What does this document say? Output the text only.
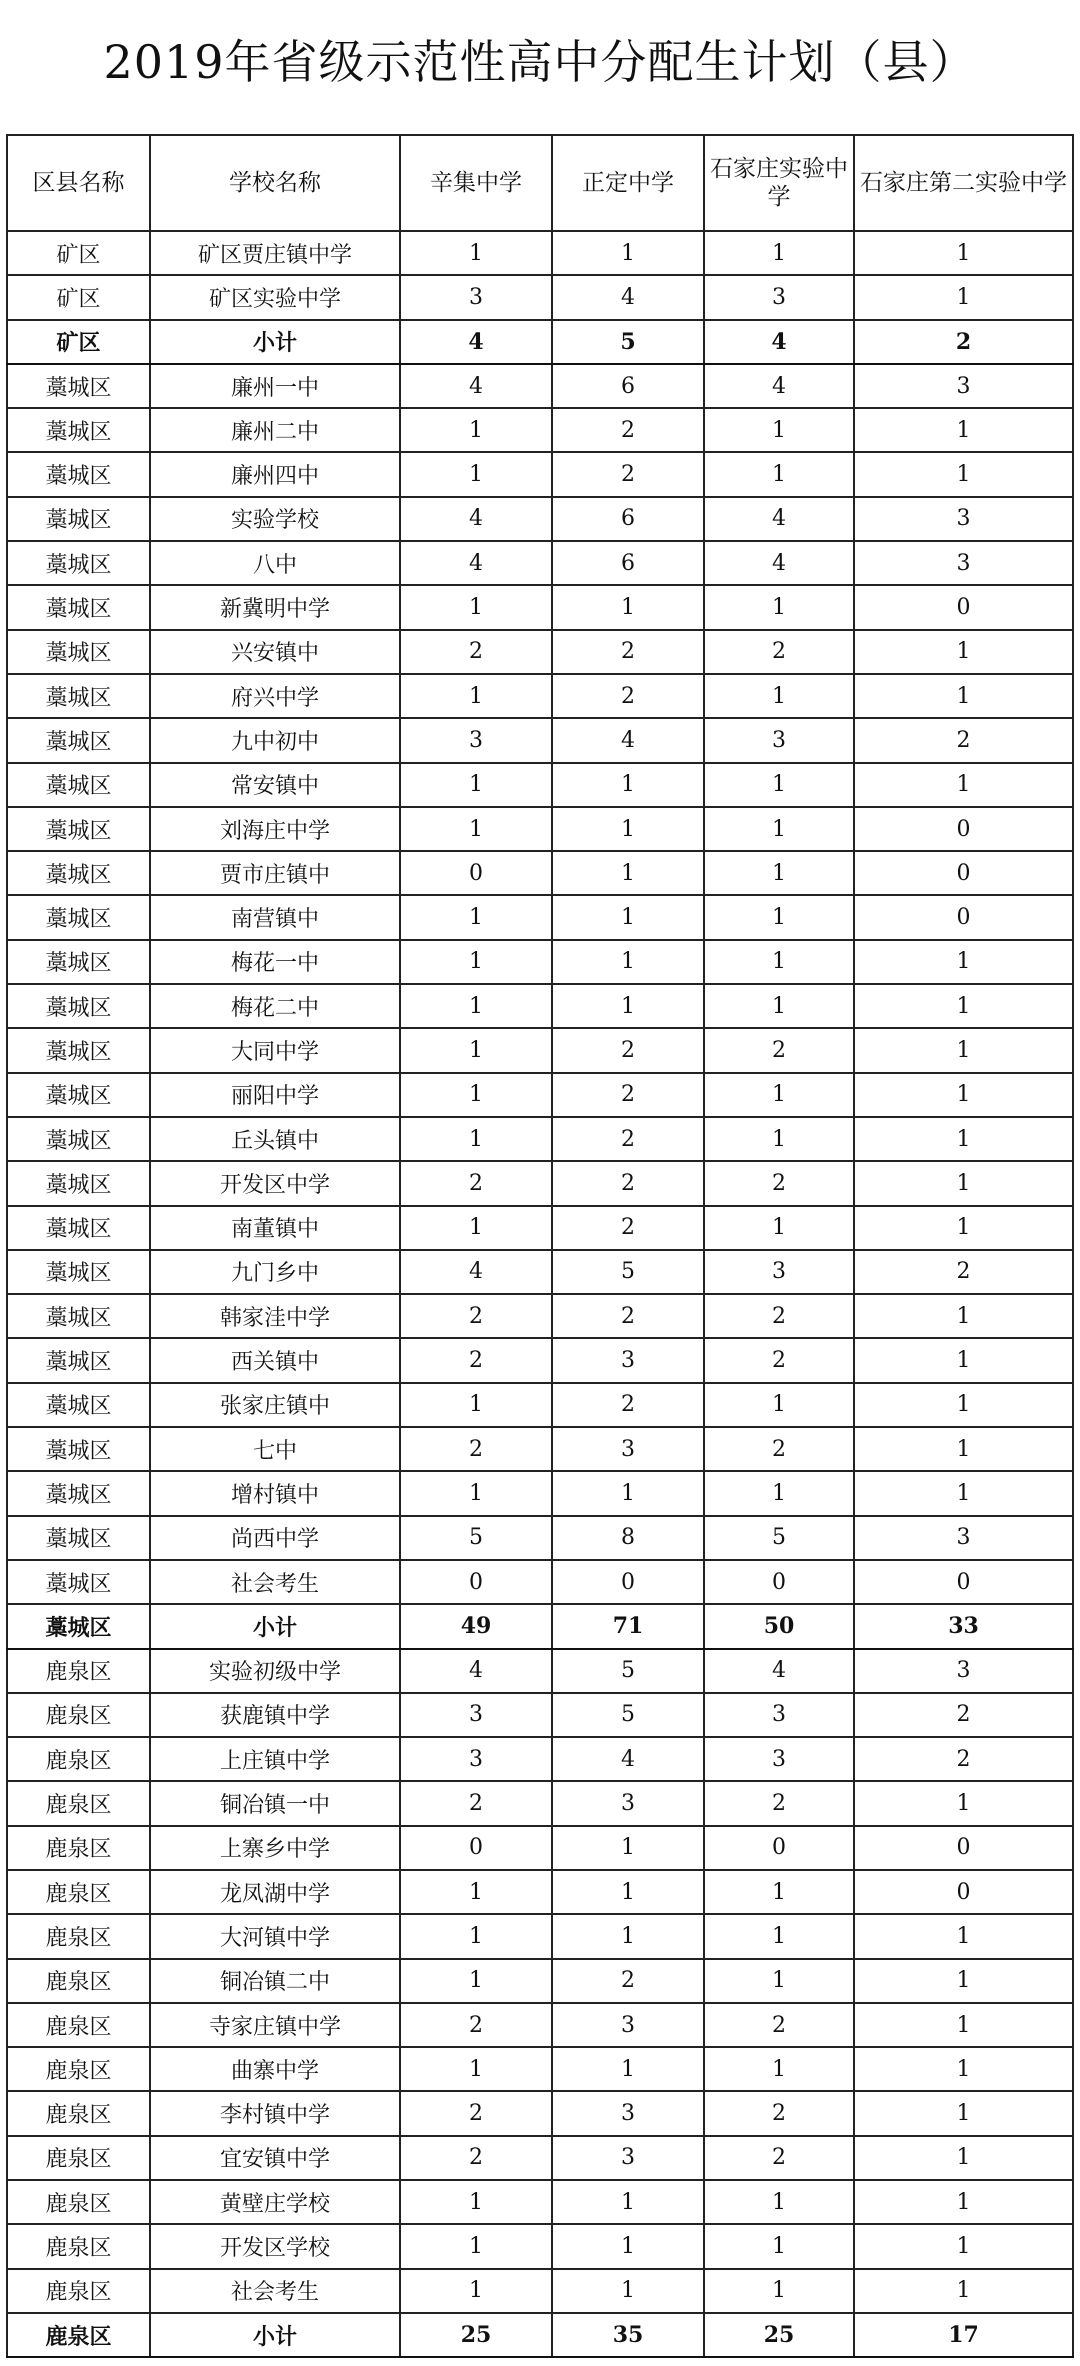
2019年省级示范性高中分配生计划（县）
区县名称	学校名称	辛集中学	正定中学	石家庄实验中学	石家庄第二实验中学
矿区	矿区贾庄镇中学	1	1	1	1
矿区	矿区实验中学	3	4	3	1
矿区	小计	4	5	4	2
藁城区	廉州一中	4	6	4	3
藁城区	廉州二中	1	2	1	1
藁城区	廉州四中	1	2	1	1
藁城区	实验学校	4	6	4	3
藁城区	八中	4	6	4	3
藁城区	新冀明中学	1	1	1	0
藁城区	兴安镇中	2	2	2	1
藁城区	府兴中学	1	2	1	1
藁城区	九中初中	3	4	3	2
藁城区	常安镇中	1	1	1	1
藁城区	刘海庄中学	1	1	1	0
藁城区	贾市庄镇中	0	1	1	0
藁城区	南营镇中	1	1	1	0
藁城区	梅花一中	1	1	1	1
藁城区	梅花二中	1	1	1	1
藁城区	大同中学	1	2	2	1
藁城区	丽阳中学	1	2	1	1
藁城区	丘头镇中	1	2	1	1
藁城区	开发区中学	2	2	2	1
藁城区	南董镇中	1	2	1	1
藁城区	九门乡中	4	5	3	2
藁城区	韩家洼中学	2	2	2	1
藁城区	西关镇中	2	3	2	1
藁城区	张家庄镇中	1	2	1	1
藁城区	七中	2	3	2	1
藁城区	增村镇中	1	1	1	1
藁城区	尚西中学	5	8	5	3
藁城区	社会考生	0	0	0	0
藁城区	小计	49	71	50	33
鹿泉区	实验初级中学	4	5	4	3
鹿泉区	获鹿镇中学	3	5	3	2
鹿泉区	上庄镇中学	3	4	3	2
鹿泉区	铜冶镇一中	2	3	2	1
鹿泉区	上寨乡中学	0	1	0	0
鹿泉区	龙凤湖中学	1	1	1	0
鹿泉区	大河镇中学	1	1	1	1
鹿泉区	铜冶镇二中	1	2	1	1
鹿泉区	寺家庄镇中学	2	3	2	1
鹿泉区	曲寨中学	1	1	1	1
鹿泉区	李村镇中学	2	3	2	1
鹿泉区	宜安镇中学	2	3	2	1
鹿泉区	黄壁庄学校	1	1	1	1
鹿泉区	开发区学校	1	1	1	1
鹿泉区	社会考生	1	1	1	1
鹿泉区	小计	25	35	25	17
